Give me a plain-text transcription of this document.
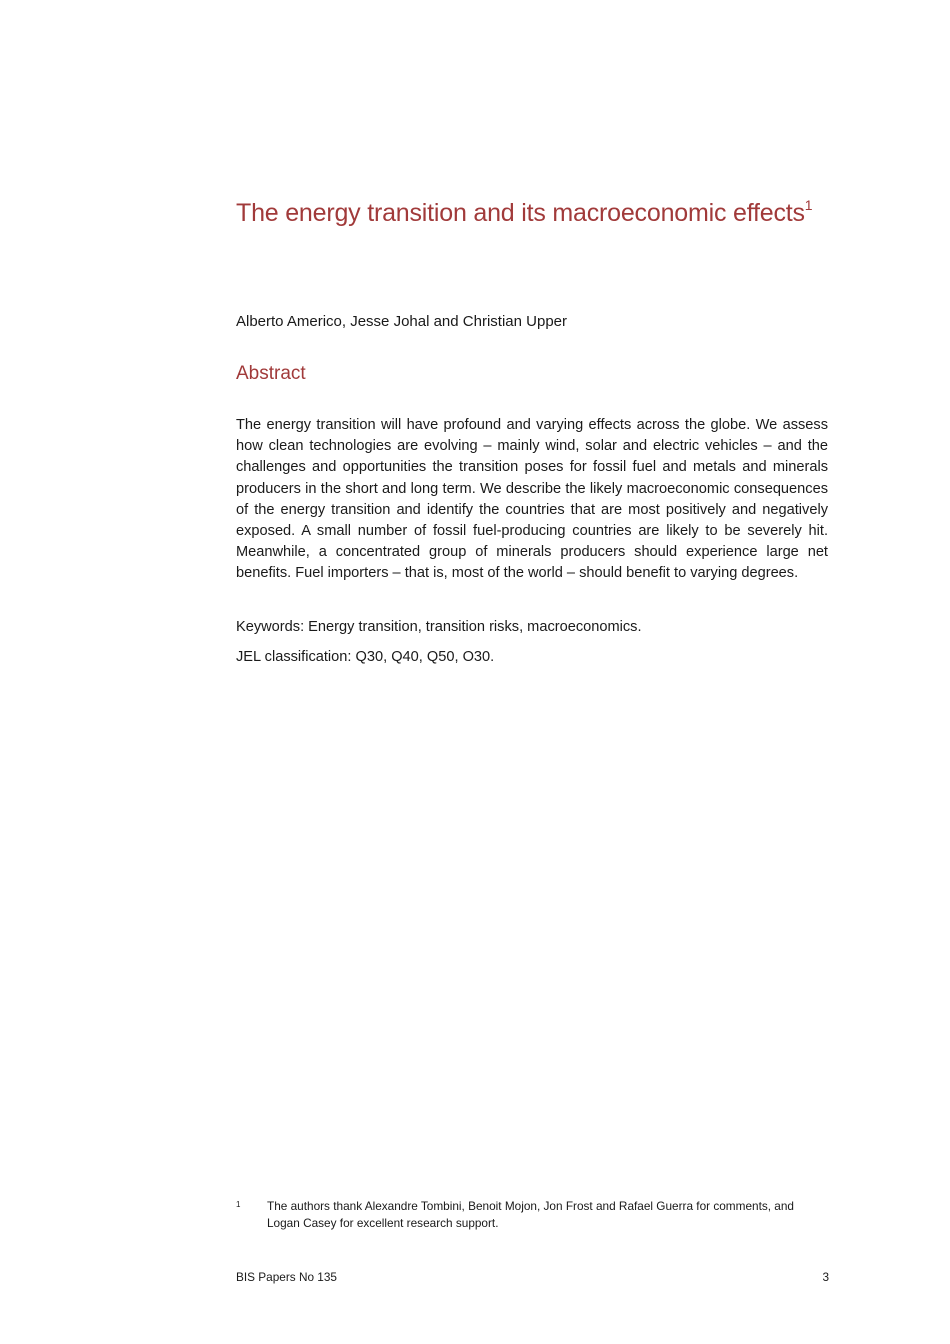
The energy transition and its macroeconomic effects$^1$

Alberto Americo, Jesse Johal and Christian Upper

Abstract

The energy transition will have profound and varying effects across the globe. We assess how clean technologies are evolving – mainly wind, solar and electric vehicles – and the challenges and opportunities the transition poses for fossil fuel and metals and minerals producers in the short and long term. We describe the likely macroeconomic consequences of the energy transition and identify the countries that are most positively and negatively exposed. A small number of fossil fuel-producing countries are likely to be severely hit. Meanwhile, a concentrated group of minerals producers should experience large net benefits. Fuel importers – that is, most of the world – should benefit to varying degrees.

Keywords: Energy transition, transition risks, macroeconomics.

JEL classification: Q30, Q40, Q50, O30.

1 The authors thank Alexandre Tombini, Benoit Mojon, Jon Frost and Rafael Guerra for comments, and Logan Casey for excellent research support.
BIS Papers No 135	3
